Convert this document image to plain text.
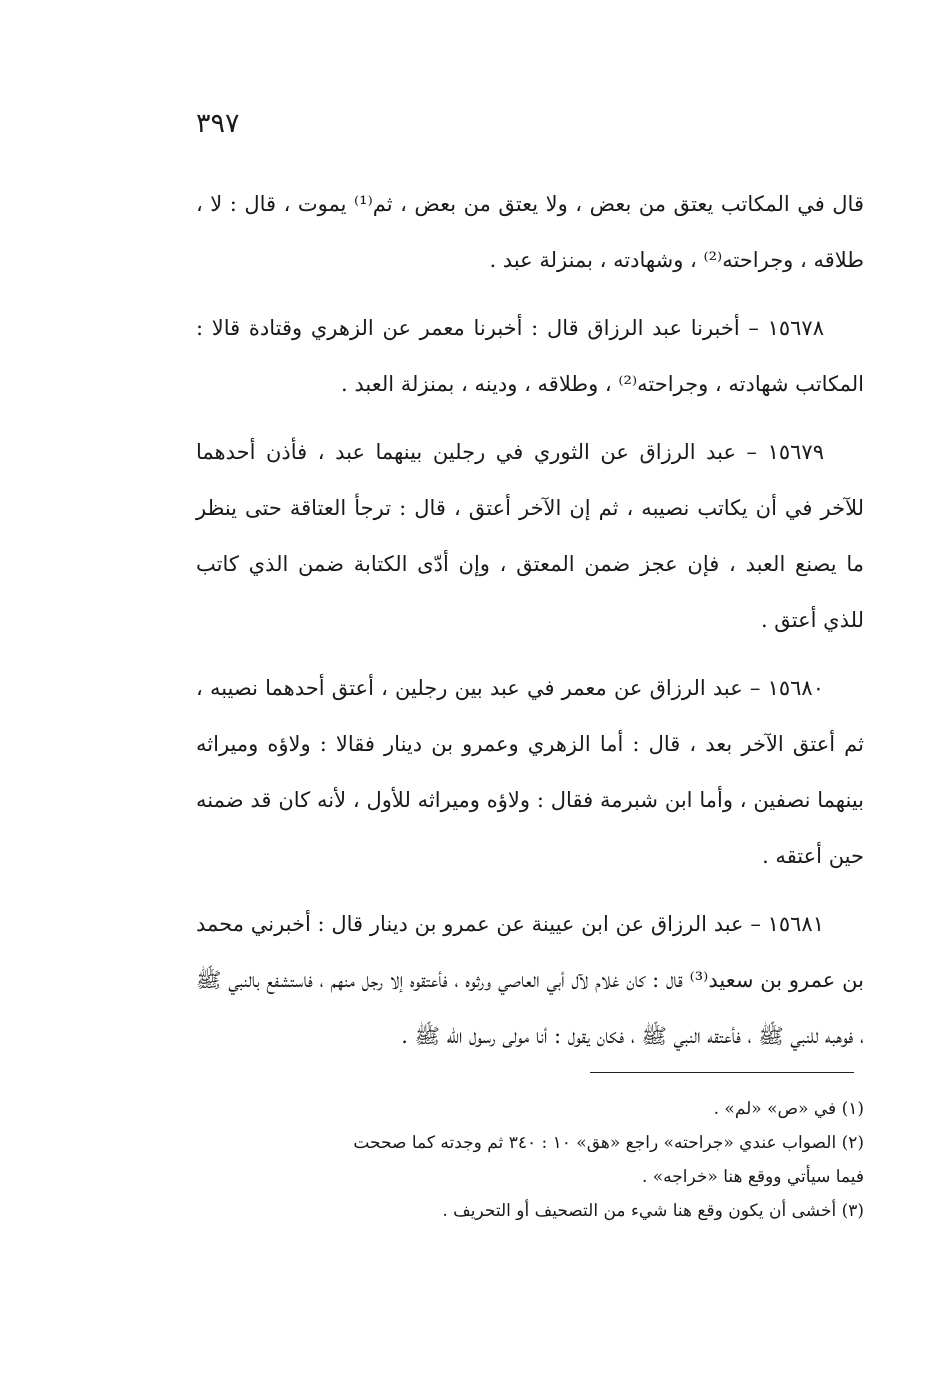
٣٩٧

قال في المكاتب يعتق من بعض ، ولا يعتق من بعض ، ثم⁽¹⁾ يموت ، قال : لا ، طلاقه ، وجراحته⁽²⁾ ، وشهادته ، بمنزلة عبد .

١٥٦٧٨ – أخبرنا عبد الرزاق قال : أخبرنا معمر عن الزهري وقتادة قالا : المكاتب شهادته ، وجراحته⁽²⁾ ، وطلاقه ، ودينه ، بمنزلة العبد .

١٥٦٧٩ – عبد الرزاق عن الثوري في رجلين بينهما عبد ، فأذن أحدهما للآخر في أن يكاتب نصيبه ، ثم إن الآخر أعتق ، قال : ترجأ العتاقة حتى ينظر ما يصنع العبد ، فإن عجز ضمن المعتق ، وإن أدّى الكتابة ضمن الذي كاتب للذي أعتق .

١٥٦٨٠ – عبد الرزاق عن معمر في عبد بين رجلين ، أعتق أحدهما نصيبه ، ثم أعتق الآخر بعد ، قال : أما الزهري وعمرو بن دينار فقالا : ولاؤه وميراثه بينهما نصفين ، وأما ابن شبرمة فقال : ولاؤه وميراثه للأول ، لأنه كان قد ضمنه حين أعتقه .

١٥٦٨١ – عبد الرزاق عن ابن عيينة عن عمرو بن دينار قال : أخبرني محمد بن عمرو بن سعيد⁽³⁾ قال : كان غلام لآل أبي العاصي ورثوه ، فأعتقوه إلا رجل منهم ، فاستشفع بالنبي ﷺ ، فوهبه للنبي ﷺ ، فأعتقه النبي ﷺ ، فكان يقول : أنا مولى رسول الله ﷺ .

(١) في «ص» «لم» .

(٢) الصواب عندي «جراحته» راجع «هق» ١٠ : ٣٤٠ ثم وجدته كما صححت

فيما سيأتي ووقع هنا «خراجه» .

(٣) أخشى أن يكون وقع هنا شيء من التصحيف أو التحريف .
